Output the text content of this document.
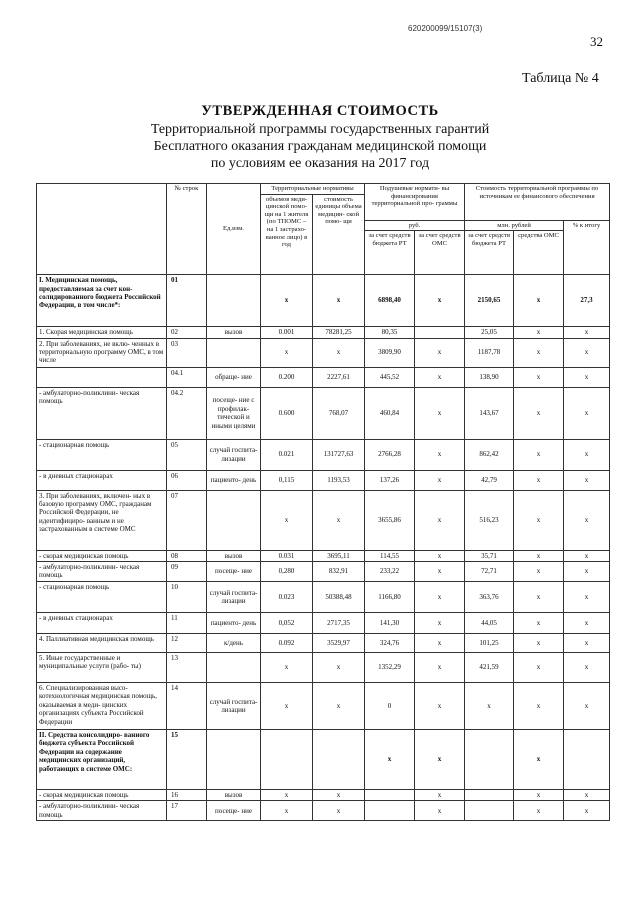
620200099/15107(3)
32
Таблица № 4
УТВЕРЖДЕННАЯ СТОИМОСТЬ
Территориальной программы государственных гарантий
Бесплатного оказания гражданам медицинской помощи
по условиям ее оказания на 2017 год
	№ строк	Ед.изм.	Территориальные нормативы		Подушевые нормати- вы финансирования территориальной про- граммы		Стоимость территориальной программы по источникам ее финансового обеспечения		
			объемов меди- цинской помо- щи на 1 жителя (по ТПОМС – на 1 застрахо- ванное лицо) в год	стоимость единицы объема медицин- ской помо- щи					
					руб.		млн. рублей		% к итогу
					за счет средств бюджета РТ	за счет средств ОМС	за счет средств бюджета РТ	средства ОМС	

I. Медицинская помощь, предоставляемая за счет кон- солидированного бюджета Российской Федерации, в том числе*:	01		x	x	6898,40	x	2150,65	x	27,3
1. Скорая медицинская помощь	02	вызов	0.001	78281,25	80,35		25,05	x	x
2. При заболеваниях, не вклю- ченных в территориальную программу ОМС, в том числе	03		x	x	3809,90	x	1187,78	x	x
	04.1	обраще- ние	0.200	2227,61	445,52	x	138,90	x	x
- амбулаторно-поликлини- ческая помощь	04.2	посеще- ние с профилак- тической и иными целями	0.600	768,07	460,84	x	143,67	x	x
- стационарная помощь	05	случай госпита- лизации	0.021	131727,63	2766,28	x	862,42	x	x
- в дневных стационарах	06	пациенто- день	0,115	1193,53	137,26	x	42,79	x	x
3. При заболеваниях, включен- ных в базовую программу ОМС, гражданам Российской Федерации, не идентифициро- ванным и не застрахованным в системе ОМС	07		x	x	3655,86	x	516,23	x	x
- скорая медицинская помощь	08	вызов	0.031	3695,11	114,55	x	35,71	x	x
- амбулаторно-поликлини- ческая помощь	09	посеще- ние	0,280	832,91	233,22	x	72,71	x	x
- стационарная помощь	10	случай госпита- лизации	0.023	50388,48	1166,80	x	363,76	x	x
- в дневных стационарах	11	пациенто- день	0,052	2717,35	141,30	x	44,05	x	x
4. Паллиативная медицинская помощь	12	к/день	0.092	3529,97	324,76	x	101,25	x	x
5. Иные государственные и муниципальные услуги (рабо- ты)	13		x	x	1352,29	x	421,59	x	x
6. Специализированная высо- котехнологичная медицинская помощь, оказываемая в меди- цинских организациях субъекта Российской Федерации	14	случай госпита- лизации	x	x	0	x	x	x	x
II. Средства консолидиро- ванного бюджета субъекта Российской Федерации на содержание медицинских организаций, работающих в системе ОМС:	15				x	x		x	
- скорая медицинская помощь	16	вызов	x	x		x		x	x
- амбулаторно-поликлини- ческая помощь	17	посеще- ние	x	x		x		x	x
